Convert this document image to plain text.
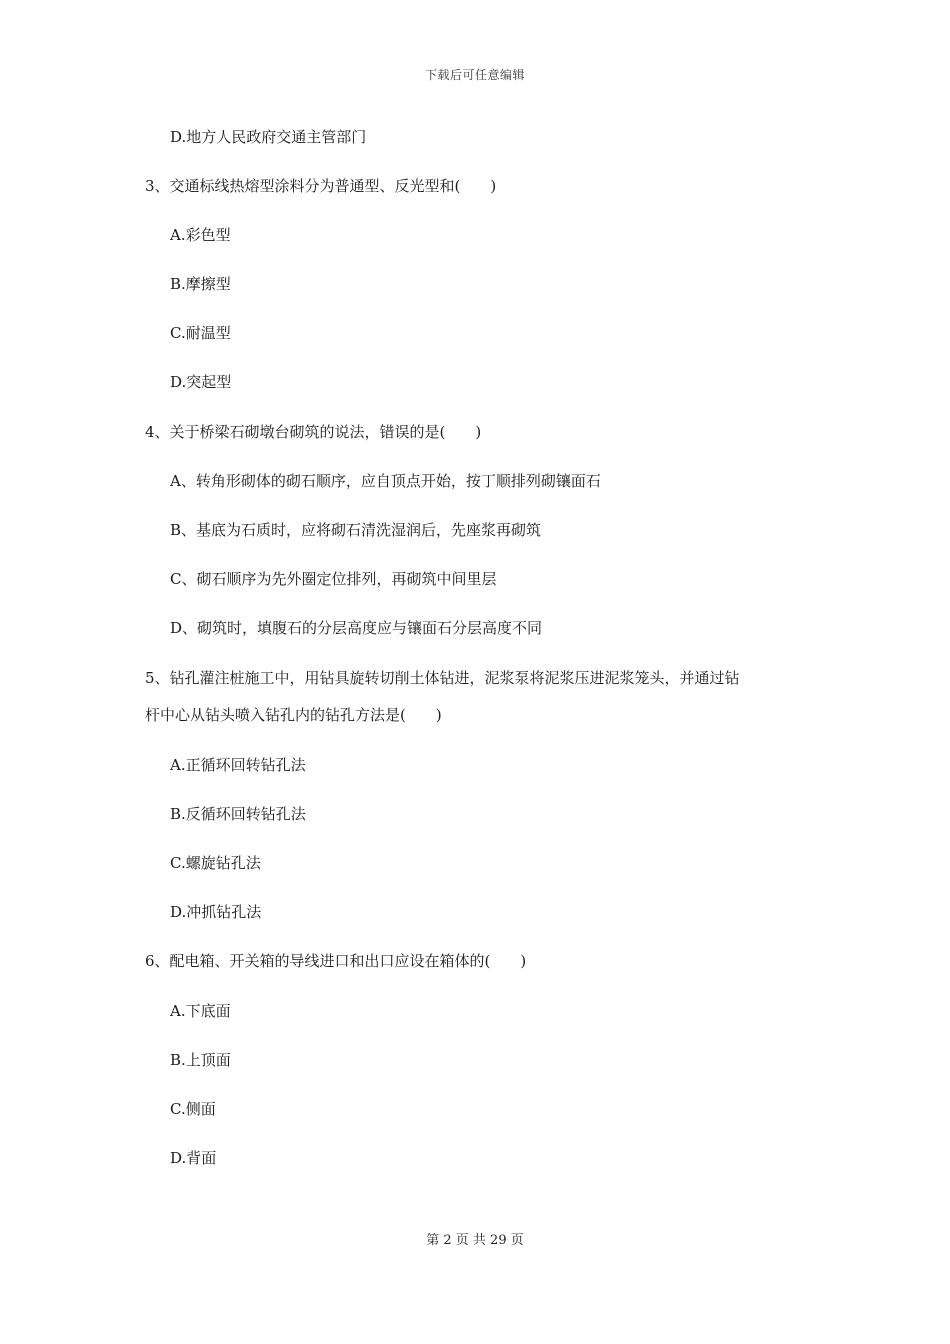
下载后可任意编辑
D.地方人民政府交通主管部门
3、交通标线热熔型涂料分为普通型、反光型和(　　)
A.彩色型
B.摩擦型
C.耐温型
D.突起型
4、关于桥梁石砌墩台砌筑的说法，错误的是(　　)
A、转角形砌体的砌石顺序，应自顶点开始，按丁顺排列砌镶面石
B、基底为石质时，应将砌石清洗湿润后，先座浆再砌筑
C、砌石顺序为先外圈定位排列，再砌筑中间里层
D、砌筑时，填腹石的分层高度应与镶面石分层高度不同
5、钻孔灌注桩施工中，用钻具旋转切削土体钻进，泥浆泵将泥浆压进泥浆笼头，并通过钻
杆中心从钻头喷入钻孔内的钻孔方法是(　　)
A.正循环回转钻孔法
B.反循环回转钻孔法
C.螺旋钻孔法
D.冲抓钻孔法
6、配电箱、开关箱的导线进口和出口应设在箱体的(　　)
A.下底面
B.上顶面
C.侧面
D.背面
第 2 页 共 29 页
